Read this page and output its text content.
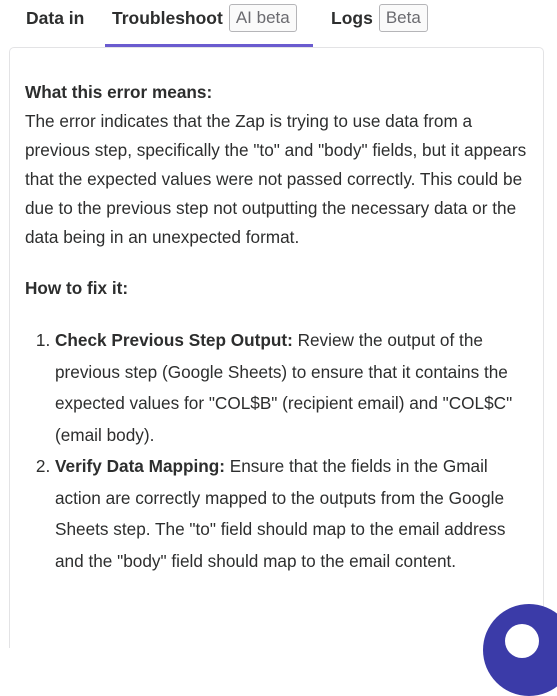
Data in Troubleshoot AI beta	Logs Beta

What this error means:

The error indicates that the Zap is trying to use data from a previous step, specifically the "to" and "body" fields, but it appears that the expected values were not passed correctly. This could be due to the previous step not outputting the necessary data or the data being in an unexpected format.

How to fix it:

1. Check Previous Step Output: Review the output of the previous step (Google Sheets) to ensure that it contains the expected values for "COL$B" (recipient email) and "COL$C" (email body).
2. Verify Data Mapping: Ensure that the fields in the Gmail action are correctly mapped to the outputs from the Google Sheets step. The "to" field should map to the email address and the "body" field should map to the email content.
